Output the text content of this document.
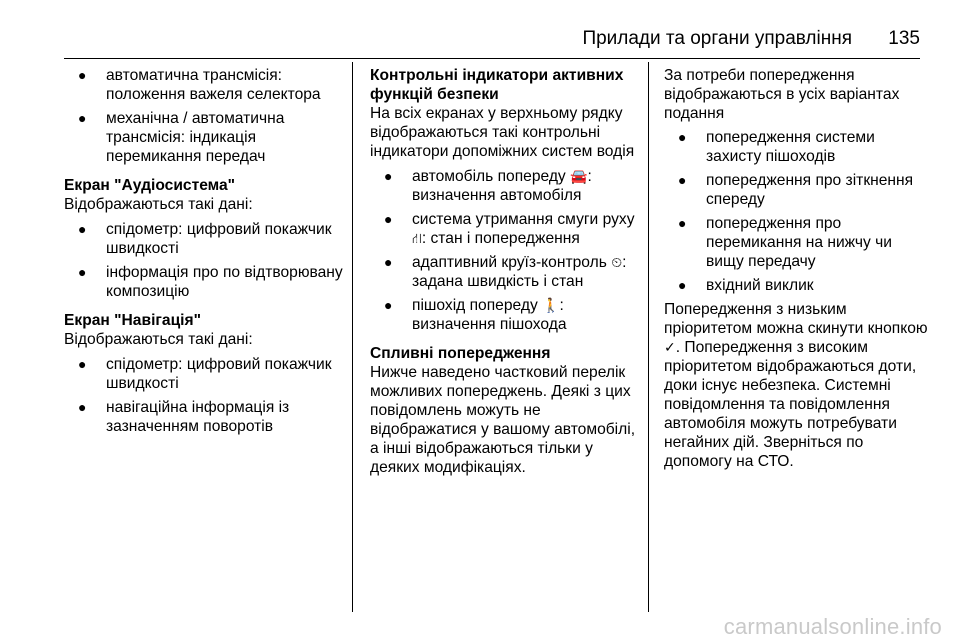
Прилади та органи управління 135
● автоматична трансмісія: положення важеля селектора
● механічна / автоматична трансмісія: індикація перемикання передач
Екран "Аудіосистема"
Відображаються такі дані:
● спідометр: цифровий покажчик швидкості
● інформація про по відтворювану композицію
Екран "Навігація"
Відображаються такі дані:
● спідометр: цифровий покажчик швидкості
● навігаційна інформація із зазначенням поворотів
Контрольні індикатори активних функцій безпеки
На всіх екранах у верхньому рядку відображаються такі контрольні індикатори допоміжних систем водія
● автомобіль попереду 🚘: визначення автомобіля
● система утримання смуги руху ⛙: стан і попередження
● адаптивний круїз-контроль ⏲: задана швидкість і стан
● пішохід попереду 🚶: визначення пішохода
Спливні попередження
Нижче наведено частковий перелік можливих попереджень. Деякі з цих повідомлень можуть не відображатися у вашому автомобілі, а інші відображаються тільки у деяких модифікаціях.
За потреби попередження відображаються в усіх варіантах подання
● попередження системи захисту пішоходів
● попередження про зіткнення спереду
● попередження про перемикання на нижчу чи вищу передачу
● вхідний виклик
Попередження з низьким пріоритетом можна скинути кнопкою ✓. Попередження з високим пріоритетом відображаються доти, доки існує небезпека. Системні повідомлення та повідомлення автомобіля можуть потребувати негайних дій. Зверніться по допомогу на СТО.
carmanualsonline.info
